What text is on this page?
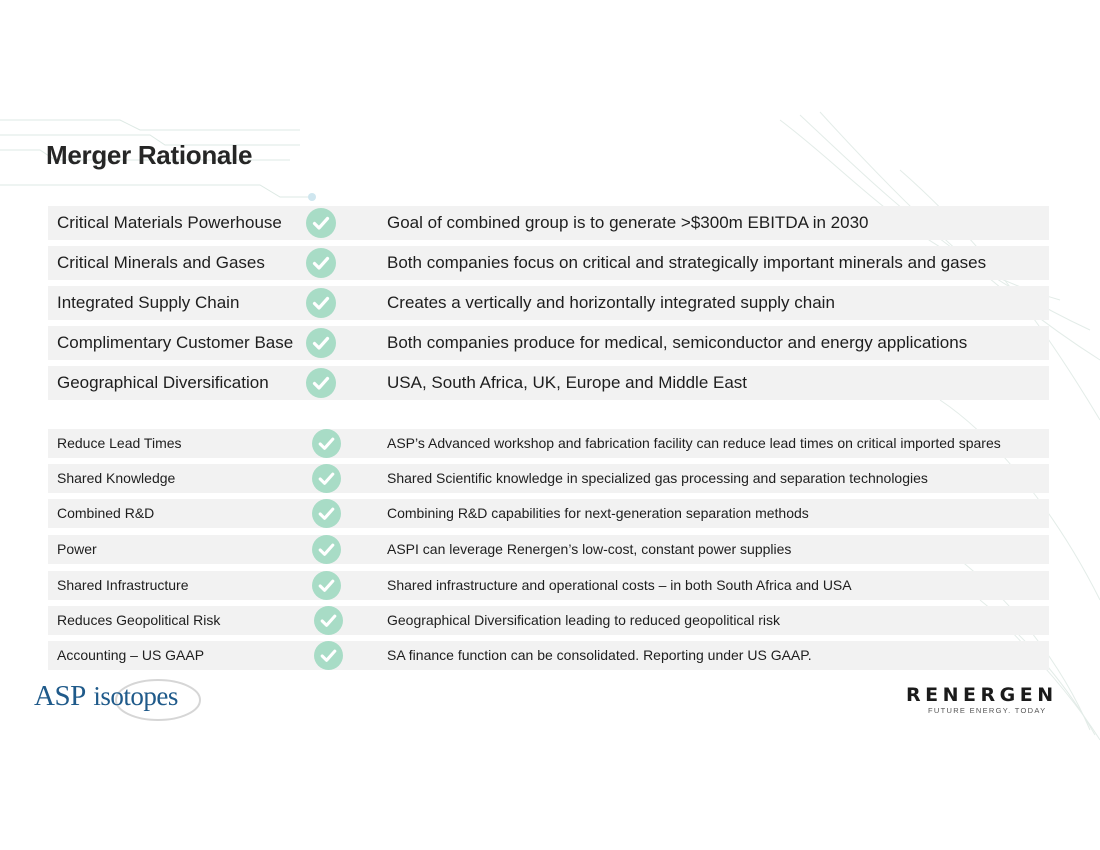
Merger Rationale
Critical Materials Powerhouse	Goal of combined group is to generate >$300m EBITDA in 2030
Critical Minerals and Gases	Both companies focus on critical and strategically important minerals and gases
Integrated Supply Chain	Creates a vertically and horizontally integrated supply chain
Complimentary Customer Base	Both companies produce for medical, semiconductor and energy applications
Geographical Diversification	USA, South Africa, UK, Europe and Middle East
Reduce Lead Times	ASP’s Advanced workshop and fabrication facility can reduce lead times on critical imported spares
Shared Knowledge	Shared Scientific knowledge in specialized gas processing and separation technologies
Combined R&D	Combining R&D capabilities for next-generation separation methods
Power	ASPI can leverage Renergen’s low-cost, constant power supplies
Shared Infrastructure	Shared infrastructure and operational costs – in both South Africa and USA
Reduces Geopolitical Risk	Geographical Diversification leading to reduced geopolitical risk
Accounting – US GAAP	SA finance function can be consolidated. Reporting under US GAAP.
ASP isotopes	RENERGEN
FUTURE ENERGY. TODAY
